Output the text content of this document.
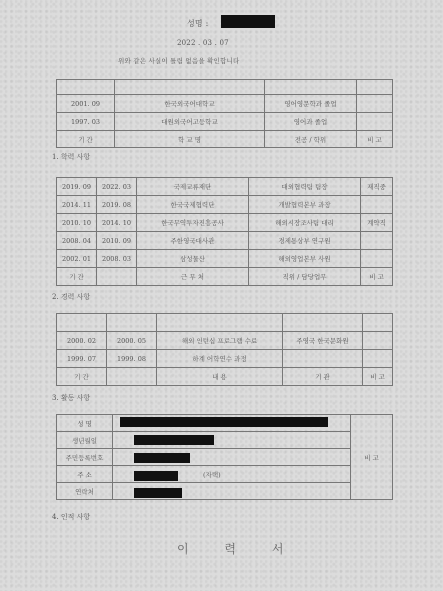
성명 :
2022 . 03 . 07
위와 같은 사실이 틀림 없음을 확인합니다

2001. 09	한국외국어대학교	영어영문학과 졸업	
1997. 03	대원외국어고등학교	영어과 졸업	
기 간	학 교 명	전공 / 학위	비 고
1. 학력 사항
2019. 09	2022. 03	국제교류재단	대외협력팀 팀장	재직중
2014. 11	2019. 08	한국국제협력단	개발협력본부 과장	
2010. 10	2014. 10	한국무역투자진흥공사	해외시장조사팀 대리	계약직
2008. 04	2010. 09	주한영국대사관	경제통상부 연구원	
2002. 01	2008. 03	삼성물산	해외영업본부 사원	
기 간		근 무 처	직위 / 담당업무	비 고
2. 경력 사항

2000. 02	2000. 05	해외 인턴십 프로그램 수료	주영국 한국문화원	
1999. 07	1999. 08	하계 어학연수 과정		
기 간		내 용	기 관	비 고
3. 활동 사항
성 명		비 고
생년월일		
주민등록번호		
주 소	(자택)	
연락처		
4. 인적 사항
이 력 서
